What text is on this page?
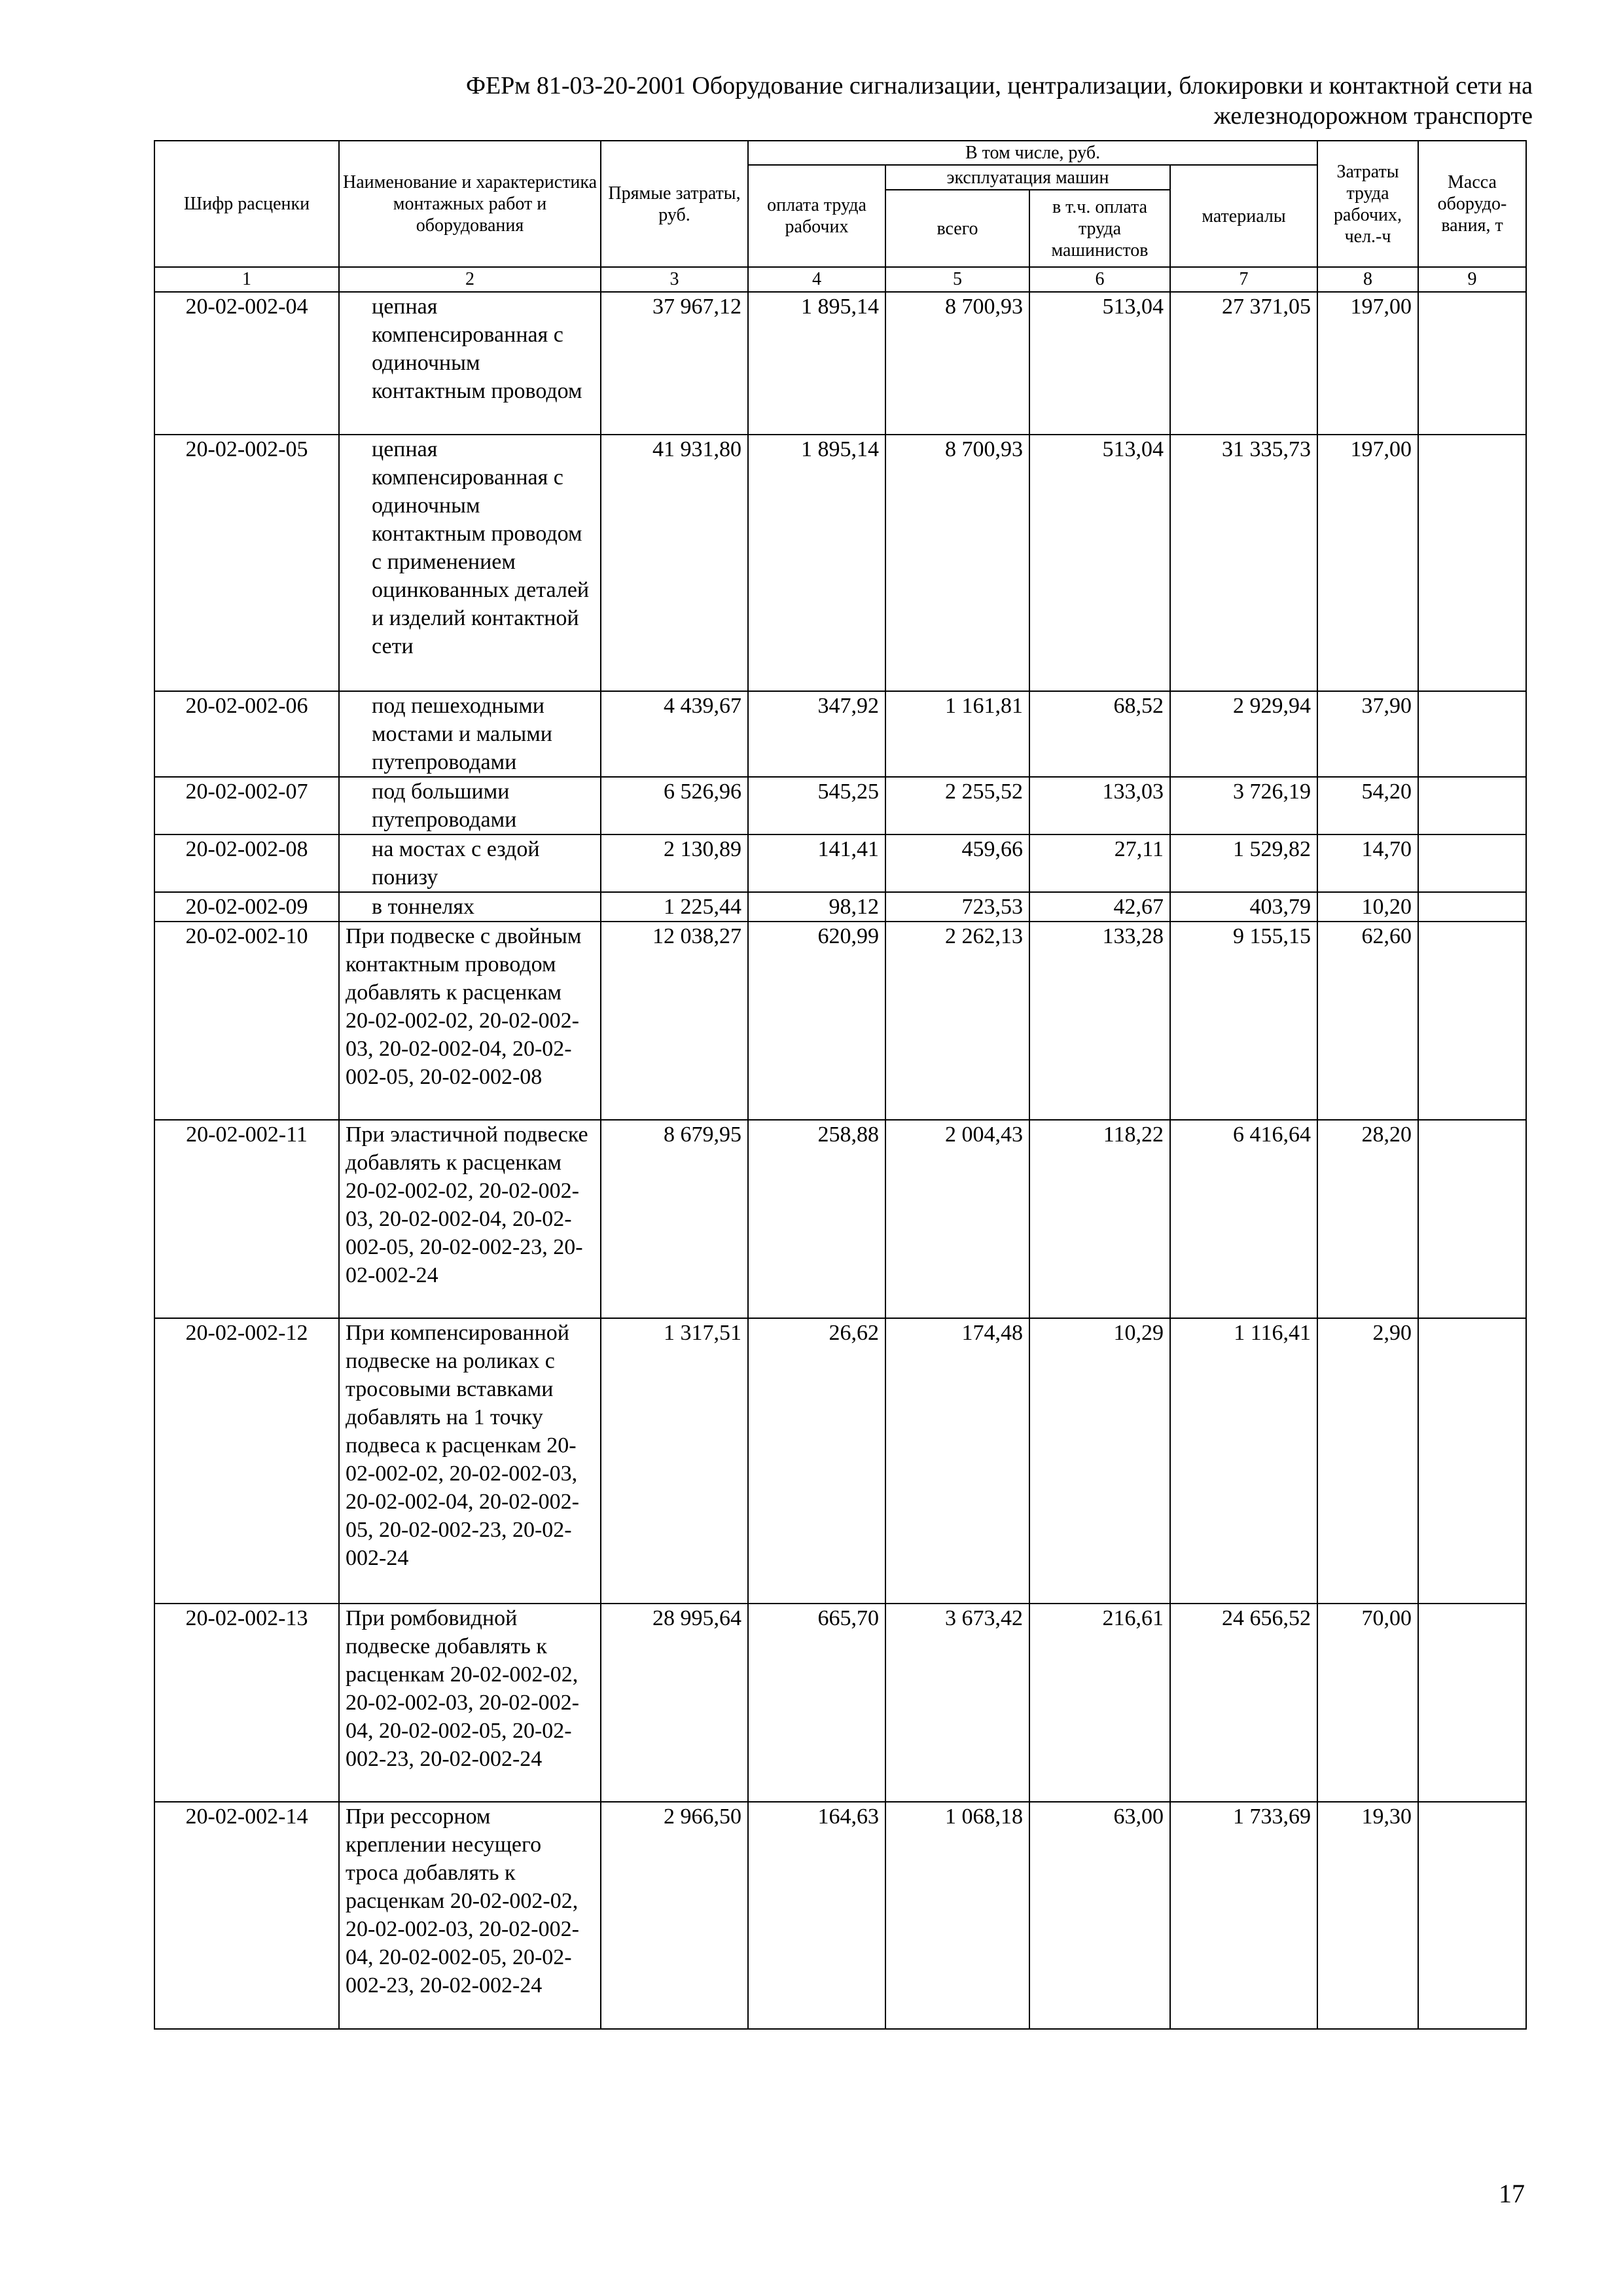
ФЕРм 81-03-20-2001 Оборудование сигнализации, централизации, блокировки и контактной сети на
железнодорожном транспорте
Шифр расценки	Наименование и характеристика монтажных работ и оборудования	Прямые затраты, руб.	В том числе, руб.				Затраты труда рабочих, чел.-ч	Масса оборудо-вания, т
			оплата труда рабочих	эксплуатация машин		материалы		
				всего	в т.ч. оплата труда машинистов			
1	2	3	4	5	6	7	8	9
20-02-002-04	цепная компенсированная с одиночным контактным проводом	37 967,12	1 895,14	8 700,93	513,04	27 371,05	197,00	
20-02-002-05	цепная компенсированная с одиночным контактным проводом с применением оцинкованных деталей и изделий контактной сети	41 931,80	1 895,14	8 700,93	513,04	31 335,73	197,00	
20-02-002-06	под пешеходными мостами и малыми путепроводами	4 439,67	347,92	1 161,81	68,52	2 929,94	37,90	
20-02-002-07	под большими путепроводами	6 526,96	545,25	2 255,52	133,03	3 726,19	54,20	
20-02-002-08	на мостах с ездой понизу	2 130,89	141,41	459,66	27,11	1 529,82	14,70	
20-02-002-09	в тоннелях	1 225,44	98,12	723,53	42,67	403,79	10,20	
20-02-002-10	При подвеске с двойным контактным проводом добавлять к расценкам 20-02-002-02, 20-02-002-03, 20-02-002-04, 20-02-002-05, 20-02-002-08	12 038,27	620,99	2 262,13	133,28	9 155,15	62,60	
20-02-002-11	При эластичной подвеске добавлять к расценкам 20-02-002-02, 20-02-002-03, 20-02-002-04, 20-02-002-05, 20-02-002-23, 20-02-002-24	8 679,95	258,88	2 004,43	118,22	6 416,64	28,20	
20-02-002-12	При компенсированной подвеске на роликах с тросовыми вставками добавлять на 1 точку подвеса к расценкам 20-02-002-02, 20-02-002-03, 20-02-002-04, 20-02-002-05, 20-02-002-23, 20-02-002-24	1 317,51	26,62	174,48	10,29	1 116,41	2,90	
20-02-002-13	При ромбовидной подвеске добавлять к расценкам 20-02-002-02, 20-02-002-03, 20-02-002-04, 20-02-002-05, 20-02-002-23, 20-02-002-24	28 995,64	665,70	3 673,42	216,61	24 656,52	70,00	
20-02-002-14	При рессорном креплении несущего троса добавлять к расценкам 20-02-002-02, 20-02-002-03, 20-02-002-04, 20-02-002-05, 20-02-002-23, 20-02-002-24	2 966,50	164,63	1 068,18	63,00	1 733,69	19,30	
17
